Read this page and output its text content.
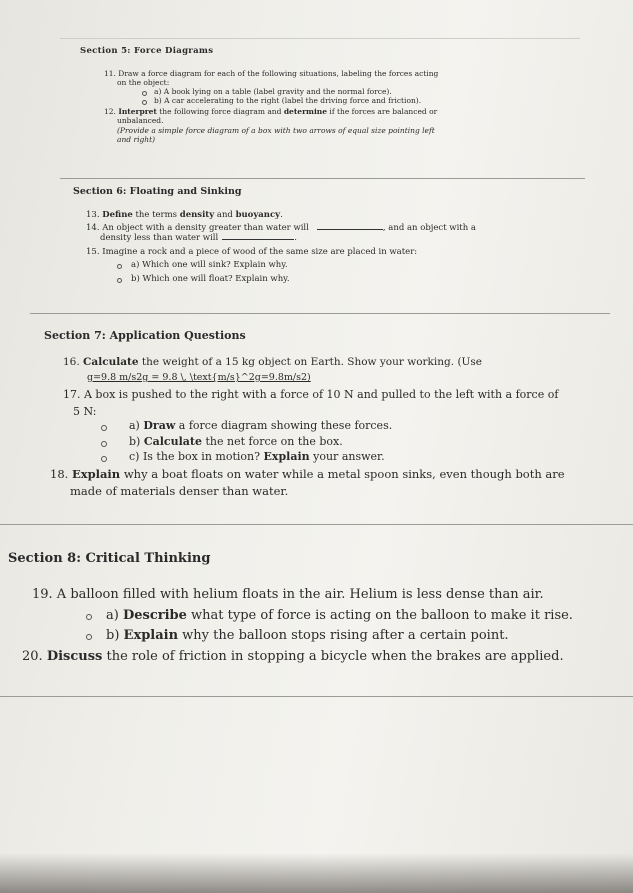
Section 5: Force Diagrams
11. Draw a force diagram for each of the following situations, labeling the forces acting
on the object:
a) A book lying on a table (label gravity and the normal force).
b) A car accelerating to the right (label the driving force and friction).
12. Interpret the following force diagram and determine if the forces are balanced or
unbalanced.
(Provide a simple force diagram of a box with two arrows of equal size pointing left
and right)
Section 6: Floating and Sinking
13. Define the terms density and buoyancy.
14. An object with a density greater than water will	, and an object with a
density less than water will	.
15. Imagine a rock and a piece of wood of the same size are placed in water:
a) Which one will sink? Explain why.
b) Which one will float? Explain why.
Section 7: Application Questions
16. Calculate the weight of a 15 kg object on Earth. Show your working. (Use
g=9.8 m/s2g = 9.8 \, \text{m/s}^2g=9.8m/s2)
17. A box is pushed to the right with a force of 10 N and pulled to the left with a force of
5 N:
a) Draw a force diagram showing these forces.
b) Calculate the net force on the box.
c) Is the box in motion? Explain your answer.
18. Explain why a boat floats on water while a metal spoon sinks, even though both are
made of materials denser than water.
Section 8: Critical Thinking
19. A balloon filled with helium floats in the air. Helium is less dense than air.
a) Describe what type of force is acting on the balloon to make it rise.
b) Explain why the balloon stops rising after a certain point.
20. Discuss the role of friction in stopping a bicycle when the brakes are applied.
